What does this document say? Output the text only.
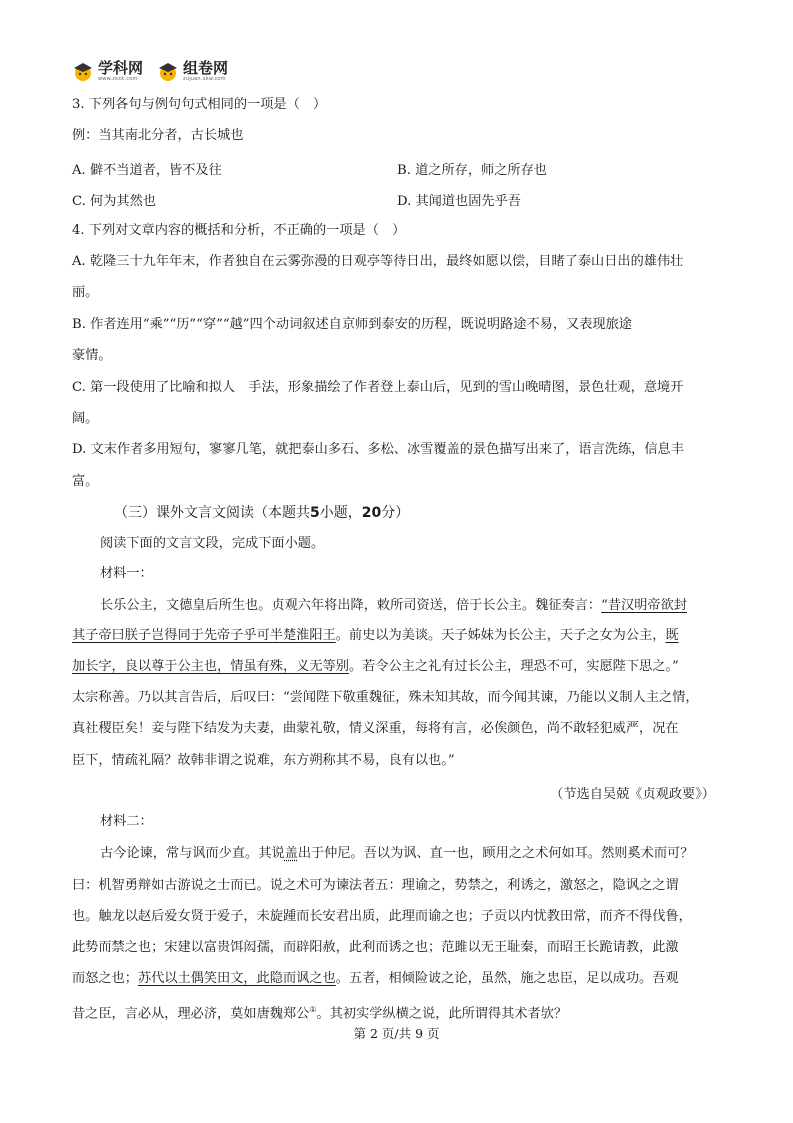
学科网
www.zxxk.com
组卷网
zujuan.xkw.com
3. 下列各句与例句句式相同的一项是（　）
例：当其南北分者，古长城也
A. 僻不当道者，皆不及往	B. 道之所存，师之所存也
C. 何为其然也	D. 其闻道也固先乎吾
4. 下列对文章内容的概括和分析，不正确的一项是（　）
A. 乾隆三十九年年末，作者独自在云雾弥漫的日观亭等待日出，最终如愿以偿，目睹了泰山日出的雄伟壮
丽。
B. 作者连用“乘”“历”“穿”“越”四个动词叙述自京师到泰安的历程，既说明路途不易，又表现旅途
豪情。
C. 第一段使用了比喻和拟人　手法，形象描绘了作者登上泰山后，见到的雪山晚晴图，景色壮观，意境开
阔。
D. 文末作者多用短句，寥寥几笔，就把泰山多石、多松、冰雪覆盖的景色描写出来了，语言洗练，信息丰
富。
（三）课外文言文阅读（本题共5小题，20分）
阅读下面的文言文段，完成下面小题。
材料一：
长乐公主，文德皇后所生也。贞观六年将出降，敕所司资送，倍于长公主。魏征奏言：“昔汉明帝欲封
其子帝曰朕子岂得同于先帝子乎可半楚淮阳王。前史以为美谈。天子姊妹为长公主，天子之女为公主，既
加长字，良以尊于公主也，情虽有殊，义无等别。若令公主之礼有过长公主，理恐不可，实愿陛下思之。”
太宗称善。乃以其言告后，后叹曰：“尝闻陛下敬重魏征，殊未知其故，而今闻其谏，乃能以义制人主之情，
真社稷臣矣！妾与陛下结发为夫妻，曲蒙礼敬，情义深重，每将有言，必俟颜色，尚不敢轻犯威严，况在
臣下，情疏礼隔？故韩非谓之说难，东方朔称其不易，良有以也。”
（节选自吴兢《贞观政要》）
材料二：
古今论谏，常与讽而少直。其说盖出于仲尼。吾以为讽、直一也，顾用之之术何如耳。然则奚术而可？
曰：机智勇辩如古游说之士而已。说之术可为谏法者五：理谕之，势禁之，利诱之，激怒之，隐讽之之谓
也。触龙以赵后爱女贤于爱子，未旋踵而长安君出质，此理而谕之也；子贡以内忧教田常，而齐不得伐鲁，
此势而禁之也；宋建以富贵饵闳孺，而辟阳赦，此利而诱之也；范雎以无王耻秦，而昭王长跪请教，此激
而怒之也；苏代以土偶笑田文，此隐而讽之也。五者，相倾险诐之论，虽然，施之忠臣，足以成功。吾观
昔之臣，言必从，理必济，莫如唐魏郑公①。其初实学纵横之说，此所谓得其术者欤？
第 2 页/共 9 页
